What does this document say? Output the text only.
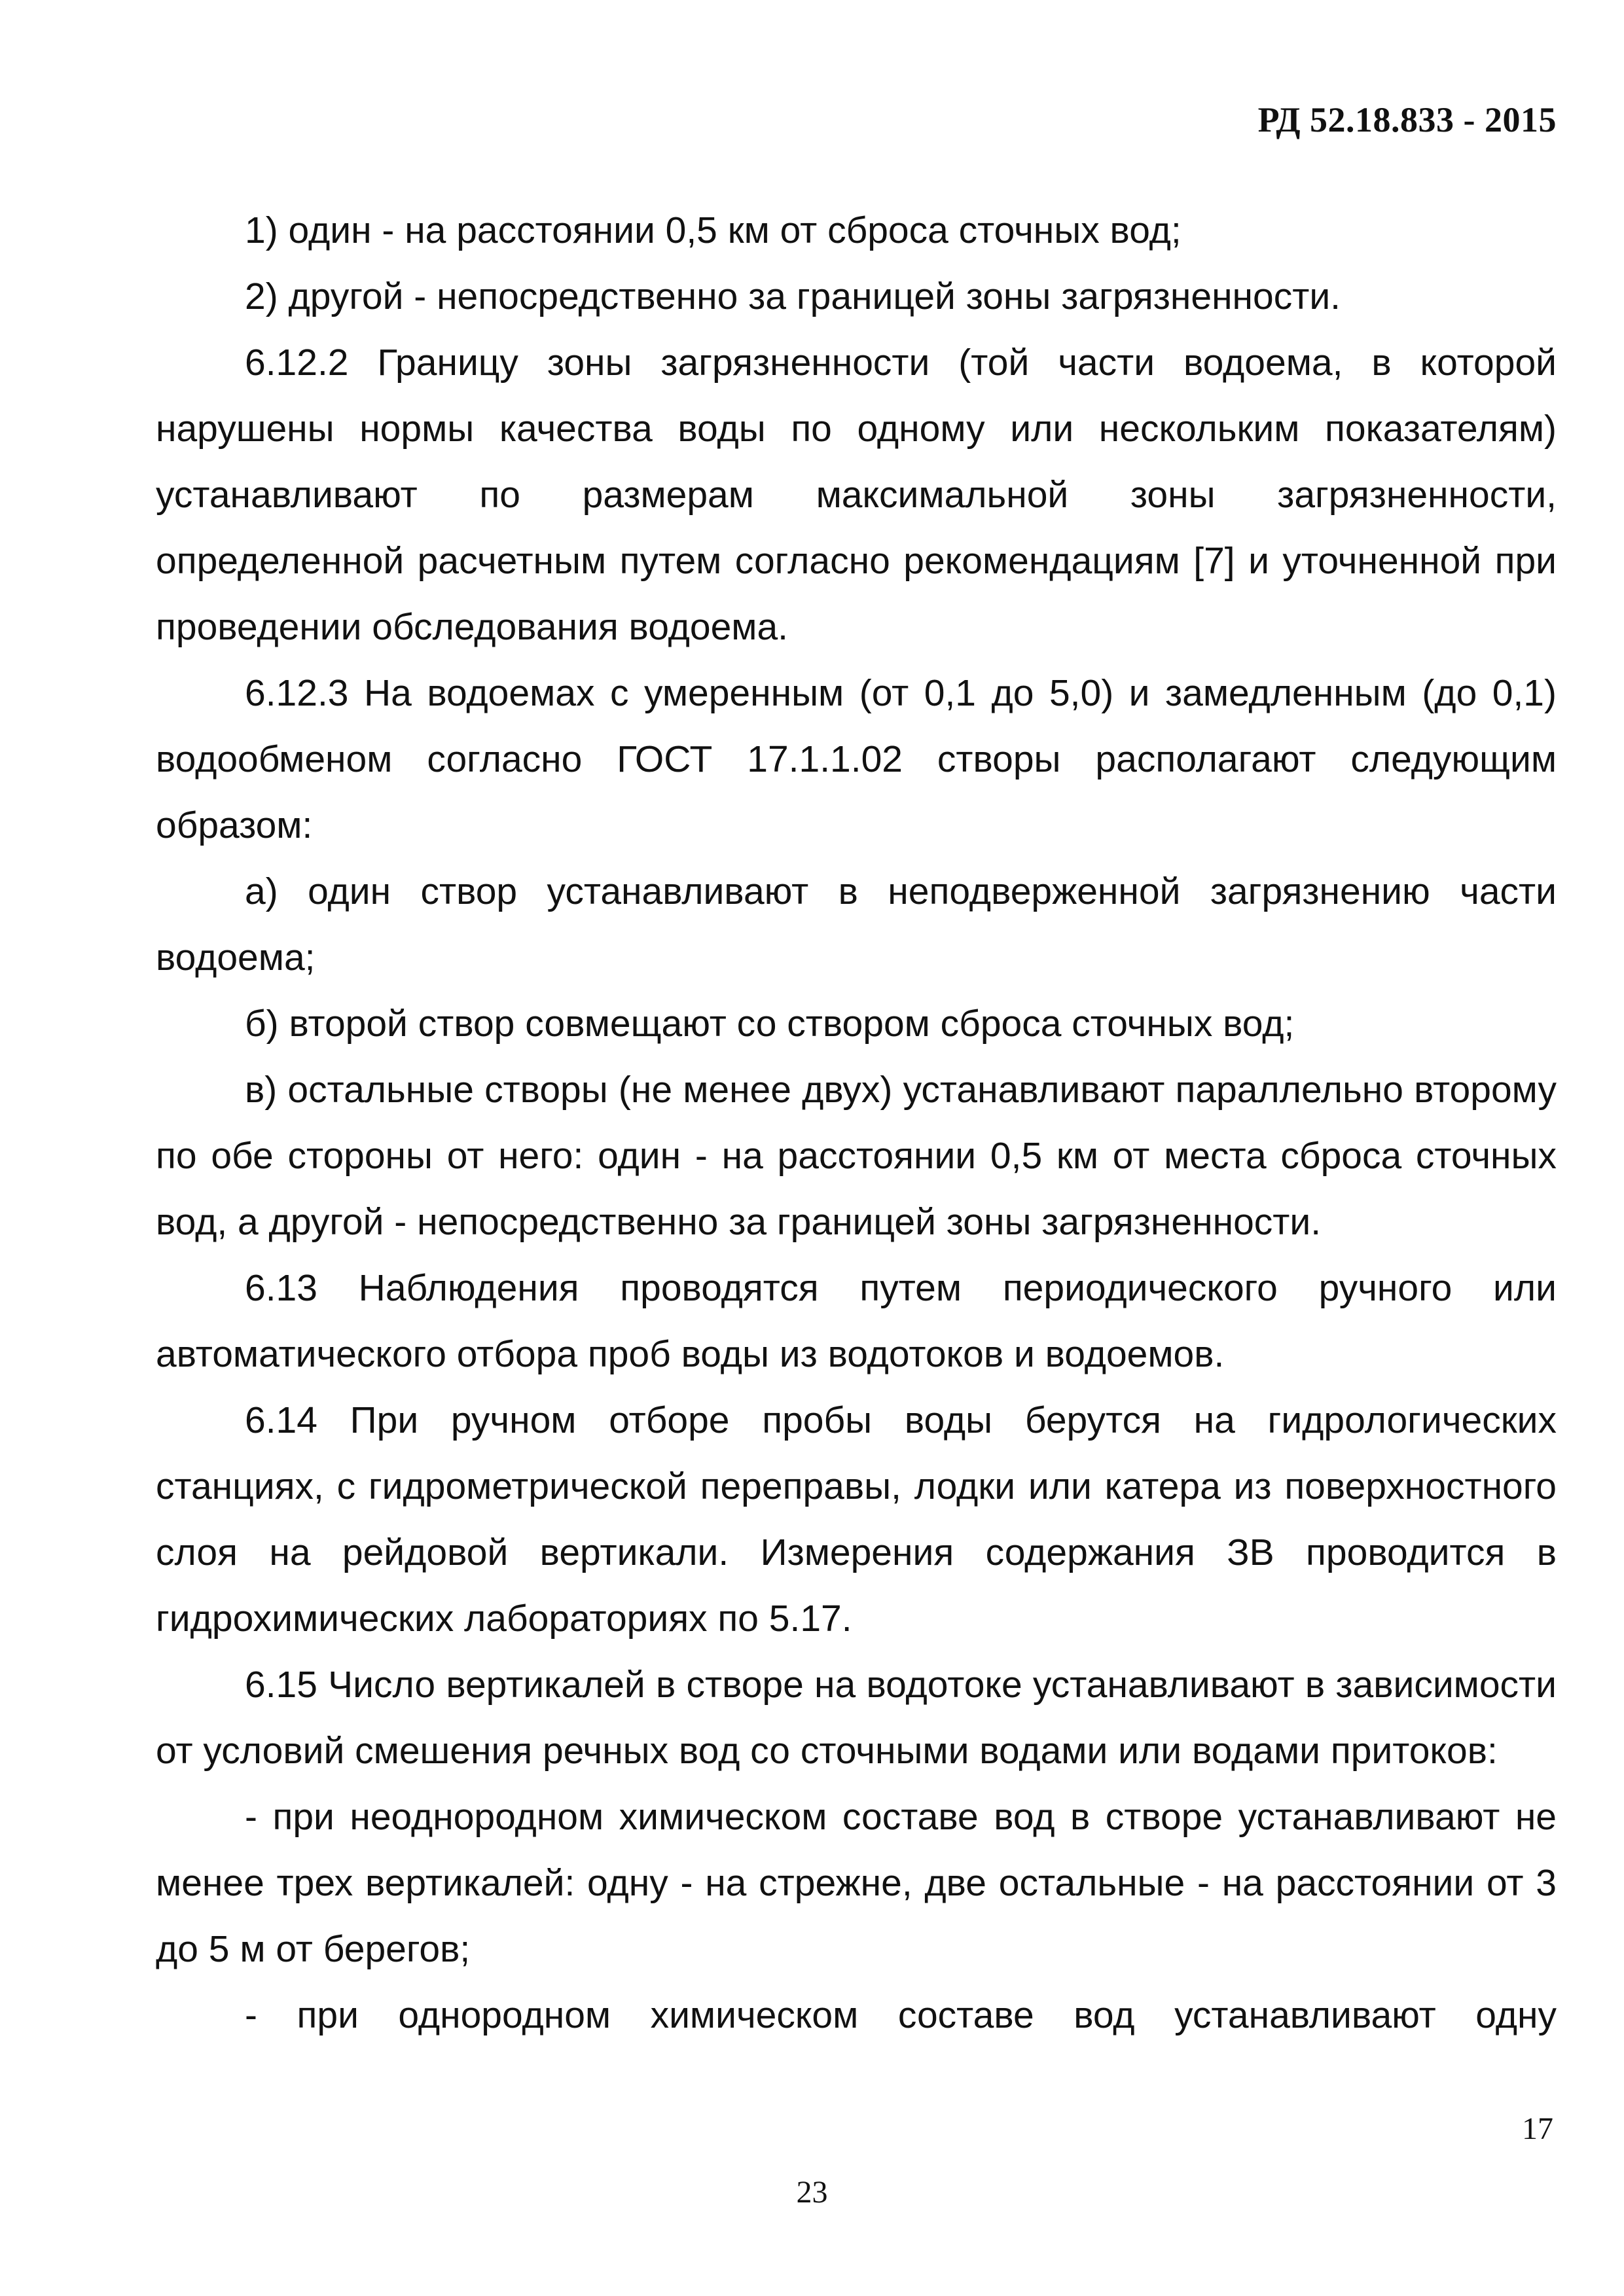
РД 52.18.833 - 2015

1) один - на расстоянии 0,5 км от сброса сточных вод;

2) другой - непосредственно за границей зоны загрязненности.

6.12.2 Границу зоны загрязненности (той части водоема, в которой нарушены нормы качества воды по одному или нескольким показателям) устанавливают по размерам максимальной зоны загрязненности, определенной расчетным путем согласно рекомендациям [7] и уточненной при проведении обследования водоема.

6.12.3 На водоемах с умеренным (от 0,1 до 5,0) и замедленным (до 0,1) водообменом согласно ГОСТ 17.1.1.02 створы располагают следующим образом:

а) один створ устанавливают в неподверженной загрязнению части водоема;

б) второй створ совмещают со створом сброса сточных вод;

в) остальные створы (не менее двух) устанавливают параллельно второму по обе стороны от него: один - на расстоянии 0,5 км от места сброса сточных вод, а другой - непосредственно за границей зоны загрязненности.

6.13 Наблюдения проводятся путем периодического ручного или автоматического отбора проб воды из водотоков и водоемов.

6.14 При ручном отборе пробы воды берутся на гидрологических станциях, с гидрометрической переправы, лодки или катера из поверхностного слоя на рейдовой вертикали. Измерения содержания ЗВ проводится в гидрохимических лабораториях по 5.17.

6.15 Число вертикалей в створе на водотоке устанавливают в зависимости от условий смешения речных вод со сточными водами или водами притоков:

- при неоднородном химическом составе вод в створе устанавливают не менее трех вертикалей: одну - на стрежне, две остальные - на расстоянии от 3 до 5 м от берегов;

- при однородном химическом составе вод устанавливают одну

17
23
